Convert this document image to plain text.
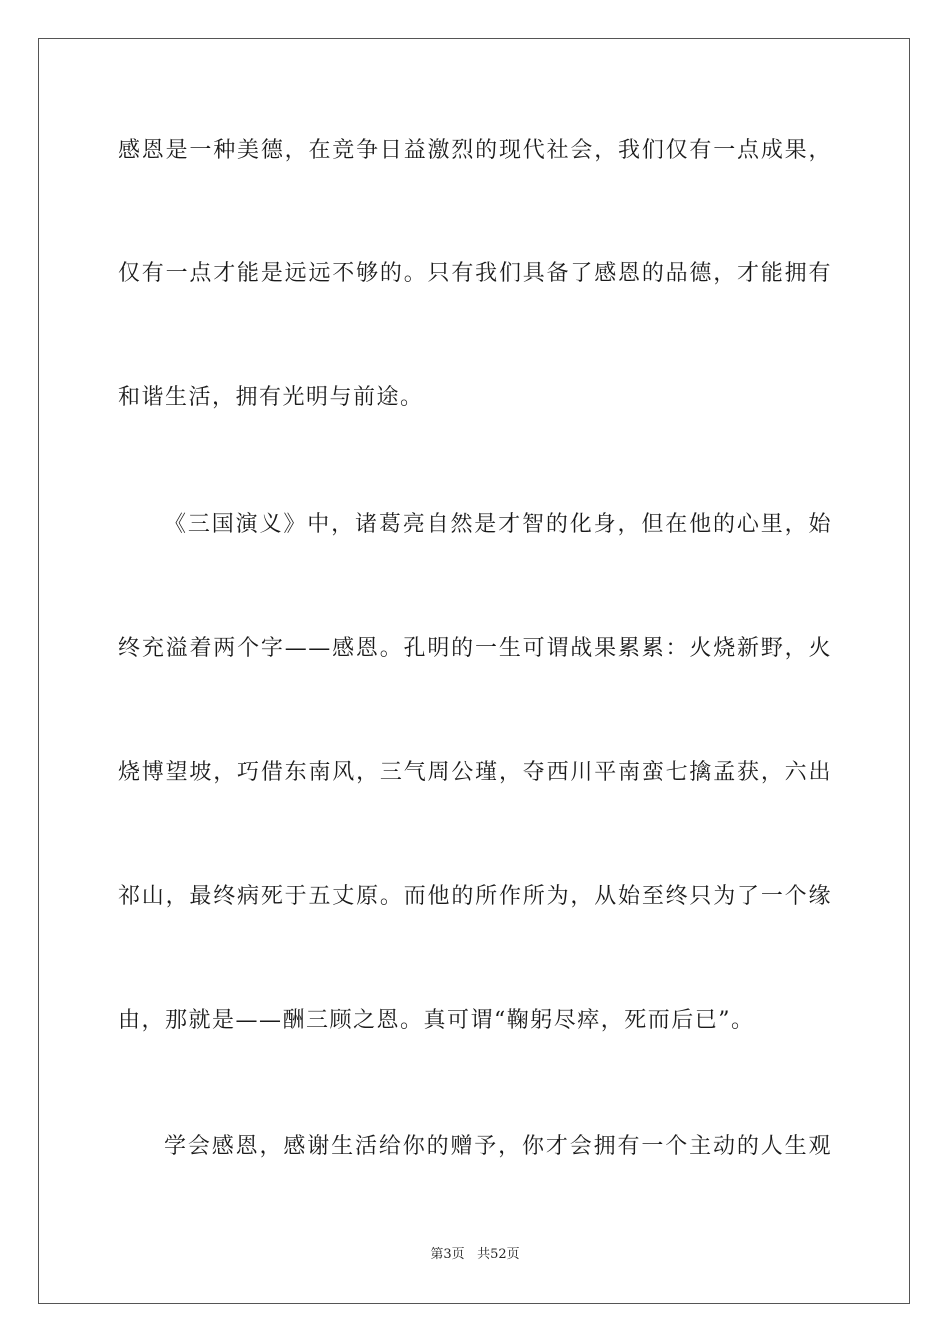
感恩是一种美德，在竞争日益激烈的现代社会，我们仅有一点成果，
仅有一点才能是远远不够的。只有我们具备了感恩的品德，才能拥有
和谐生活，拥有光明与前途。
《三国演义》中，诸葛亮自然是才智的化身，但在他的心里，始
终充溢着两个字——感恩。孔明的一生可谓战果累累：火烧新野，火
烧博望坡，巧借东南风，三气周公瑾，夺西川平南蛮七擒孟获，六出
祁山，最终病死于五丈原。而他的所作所为，从始至终只为了一个缘
由，那就是——酬三顾之恩。真可谓“鞠躬尽瘁，死而后已”。
学会感恩，感谢生活给你的赠予，你才会拥有一个主动的人生观
第3页 共52页
